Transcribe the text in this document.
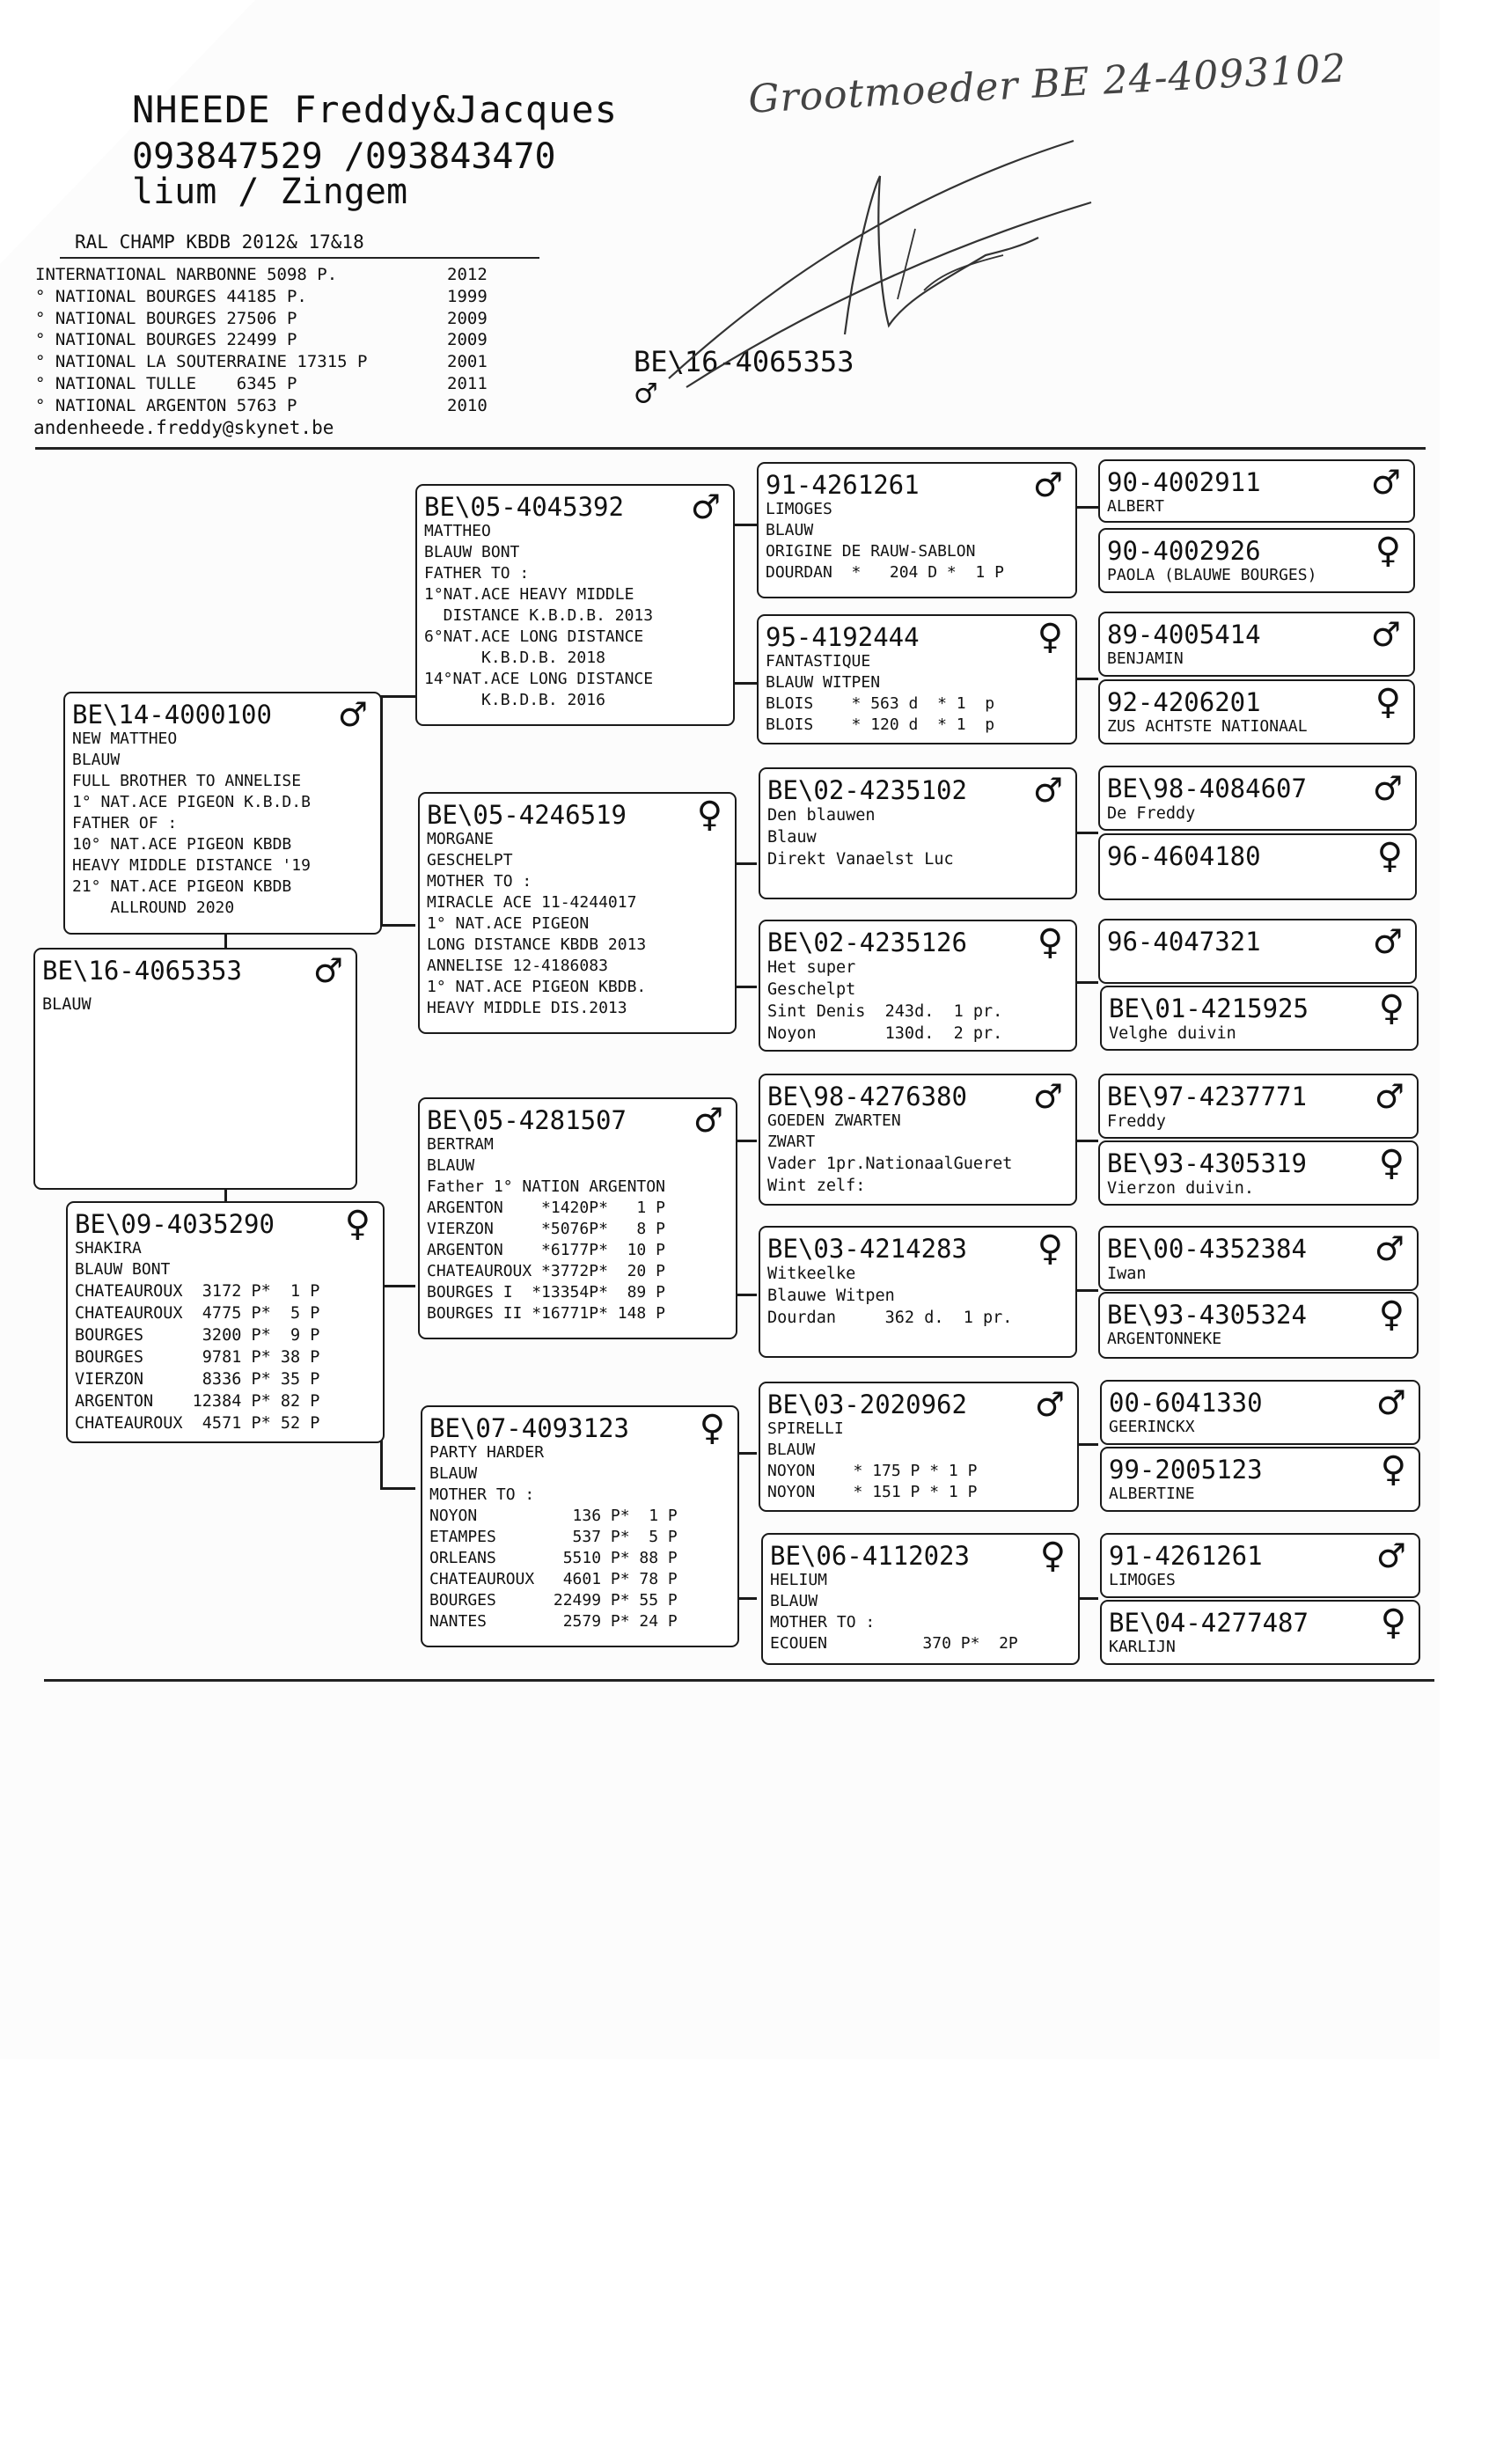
NHEEDE Freddy&Jacques
093847529 /093843470
lium / Zingem
RAL CHAMP KBDB 2012& 17&18
INTERNATIONAL NARBONNE 5098 P.	2012
° NATIONAL BOURGES 44185 P.	1999
° NATIONAL BOURGES 27506 P	2009
° NATIONAL BOURGES 22499 P	2009
° NATIONAL LA SOUTERRAINE 17315 P	2001
° NATIONAL TULLE    6345 P	2011
° NATIONAL ARGENTON 5763 P	2010
andenheede.freddy@skynet.be
BE\16-4065353
♂
Grootmoeder BE 24-4093102
BE\16-4065353	♂
BLAUW
BE\14-4000100	♂
NEW MATTHEO
BLAUW
FULL BROTHER TO ANNELISE
1° NAT.ACE PIGEON K.B.D.B
FATHER OF :
10° NAT.ACE PIGEON KBDB
HEAVY MIDDLE DISTANCE '19
21° NAT.ACE PIGEON KBDB
ALLROUND 2020
BE\09-4035290	♀
SHAKIRA
BLAUW BONT
CHATEAUROUX  3172 P*  1 P
CHATEAUROUX  4775 P*  5 P
BOURGES      3200 P*  9 P
BOURGES      9781 P* 38 P
VIERZON      8336 P* 35 P
ARGENTON    12384 P* 82 P
CHATEAUROUX  4571 P* 52 P
BE\05-4045392	♂
MATTHEO
BLAUW BONT
FATHER TO :
1°NAT.ACE HEAVY MIDDLE
DISTANCE K.B.D.B. 2013
6°NAT.ACE LONG DISTANCE
K.B.D.B. 2018
14°NAT.ACE LONG DISTANCE
K.B.D.B. 2016
BE\05-4246519	♀
MORGANE
GESCHELPT
MOTHER TO :
MIRACLE ACE 11-4244017
1° NAT.ACE PIGEON
LONG DISTANCE KBDB 2013
ANNELISE 12-4186083
1° NAT.ACE PIGEON KBDB.
HEAVY MIDDLE DIS.2013
BE\05-4281507	♂
BERTRAM
BLAUW
Father 1° NATION ARGENTON
ARGENTON    *1420P*   1 P
VIERZON     *5076P*   8 P
ARGENTON    *6177P*  10 P
CHATEAUROUX *3772P*  20 P
BOURGES I  *13354P*  89 P
BOURGES II *16771P* 148 P
BE\07-4093123	♀
PARTY HARDER
BLAUW
MOTHER TO :
NOYON          136 P*  1 P
ETAMPES        537 P*  5 P
ORLEANS       5510 P* 88 P
CHATEAUROUX   4601 P* 78 P
BOURGES      22499 P* 55 P
NANTES        2579 P* 24 P
91-4261261	♂
LIMOGES
BLAUW
ORIGINE DE RAUW-SABLON
DOURDAN  *   204 D *  1 P
95-4192444	♀
FANTASTIQUE
BLAUW WITPEN
BLOIS    * 563 d  * 1  p
BLOIS    * 120 d  * 1  p
BE\02-4235102	♂
Den blauwen
Blauw
Direkt Vanaelst Luc
BE\02-4235126	♀
Het super
Geschelpt
Sint Denis  243d.  1 pr.
Noyon       130d.  2 pr.
BE\98-4276380	♂
GOEDEN ZWARTEN
ZWART
Vader 1pr.NationaalGueret
Wint zelf:
BE\03-4214283	♀
Witkeelke
Blauwe Witpen
Dourdan     362 d.  1 pr.
BE\03-2020962	♂
SPIRELLI
BLAUW
NOYON    * 175 P * 1 P
NOYON    * 151 P * 1 P
BE\06-4112023	♀
HELIUM
BLAUW
MOTHER TO :
ECOUEN          370 P*  2P
90-4002911	♂
ALBERT
90-4002926	♀
PAOLA (BLAUWE BOURGES)
89-4005414	♂
BENJAMIN
92-4206201	♀
ZUS ACHTSTE NATIONAAL
BE\98-4084607	♂
De Freddy
96-4604180	♀
96-4047321	♂
BE\01-4215925	♀
Velghe duivin
BE\97-4237771	♂
Freddy
BE\93-4305319	♀
Vierzon duivin.
BE\00-4352384	♂
Iwan
BE\93-4305324	♀
ARGENTONNEKE
00-6041330	♂
GEERINCKX
99-2005123	♀
ALBERTINE
91-4261261	♂
LIMOGES
BE\04-4277487	♀
KARLIJN
